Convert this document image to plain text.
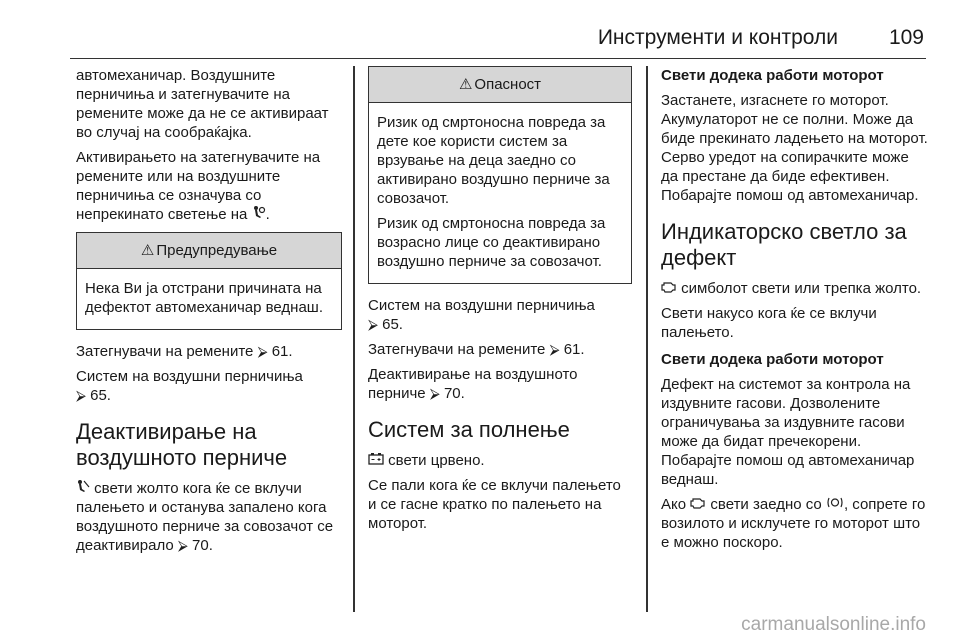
Инструменти и контроли 109

автомеханичар. Воздушните перничиња и затегнувачите на ремените може да не се активираат во случај на сообраќајка.

Активирањето на затегнувачите на ремените или на воздушните перничиња се означува со непрекинато светење на .

⚠ Предупредување

Нека Ви ја отстрани причината на дефектот автомеханичар веднаш.

Затегнувачи на ремените ⮚ 61.

Систем на воздушни перничиња
⮚ 65.

Деактивирање на воздушното перниче

свети жолто кога ќе се вклучи палењето и останува запалено кога воздушното перниче за совозачот се деактивирало ⮚ 70.

⚠ Опасност

Ризик од смртоносна повреда за дете кое користи систем за врзување на деца заедно со активирано воздушно перниче за совозачот.

Ризик од смртоносна повреда за возрасно лице со деактивирано воздушно перниче за совозачот.

Систем на воздушни перничиња
⮚ 65.

Затегнувачи на ремените ⮚ 61.

Деактивирање на воздушното перниче ⮚ 70.

Систем за полнење

свети црвено.

Се пали кога ќе се вклучи палењето и се гасне кратко по палењето на моторот.

Свети додека работи моторот

Застанете, изгаснете го моторот. Акумулаторот не се полни. Може да биде прекинато ладењето на моторот. Серво уредот на сопирачките може да престане да биде ефективен. Побарајте помош од автомеханичар.

Индикаторско светло за дефект

симболот свети или трепка жолто.

Свети накусо кога ќе се вклучи палењето.

Свети додека работи моторот

Дефект на системот за контрола на издувните гасови. Дозволените ограничувања за издувните гасови може да бидат пречекорени. Побарајте помош од автомеханичар веднаш.

Ако свети заедно со , сопрете го возилото и исклучете го моторот што е можно поскоро.

carmanualsonline.info
